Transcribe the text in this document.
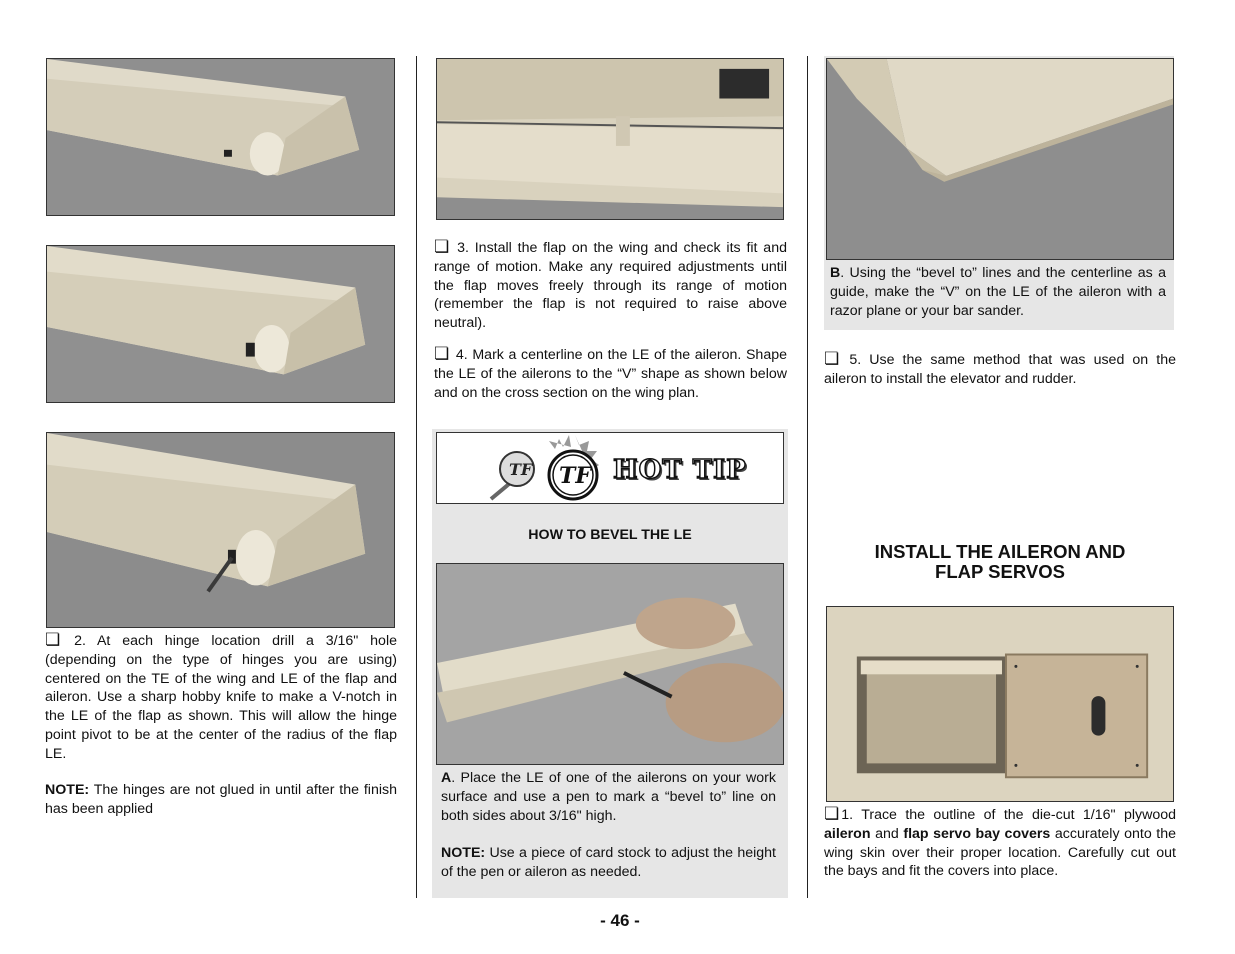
❏ 2. At each hinge location drill a 3/16" hole (depending on the type of hinges you are using) centered on the TE of the wing and LE of the flap and aileron. Use a sharp hobby knife to make a V-notch in the LE of the flap as shown. This will allow the hinge point pivot to be at the center of the radius of the flap LE.

NOTE: The hinges are not glued in until after the finish has been applied

❏ 3. Install the flap on the wing and check its fit and range of motion. Make any required adjustments until the flap moves freely through its range of motion (remember the flap is not required to raise above neutral).

❏ 4. Mark a centerline on the LE of the aileron. Shape the LE of the ailerons to the “V” shape as shown below and on the cross section on the wing plan.

TF TF HOT TIP
HOW TO BEVEL THE LE

A. Place the LE of one of the ailerons on your work surface and use a pen to mark a “bevel to” line on both sides about 3/16" high.

NOTE: Use a piece of card stock to adjust the height of the pen or aileron as needed.

B. Using the “bevel to” lines and the centerline as a guide, make the “V” on the LE of the aileron with a razor plane or your bar sander.

❏ 5. Use the same method that was used on the aileron to install the elevator and rudder.

INSTALL THE AILERON AND
FLAP SERVOS

❏ 1. Trace the outline of the die-cut 1/16" plywood aileron and flap servo bay covers accurately onto the wing skin over their proper location. Carefully cut out the bays and fit the covers into place.

- 46 -
